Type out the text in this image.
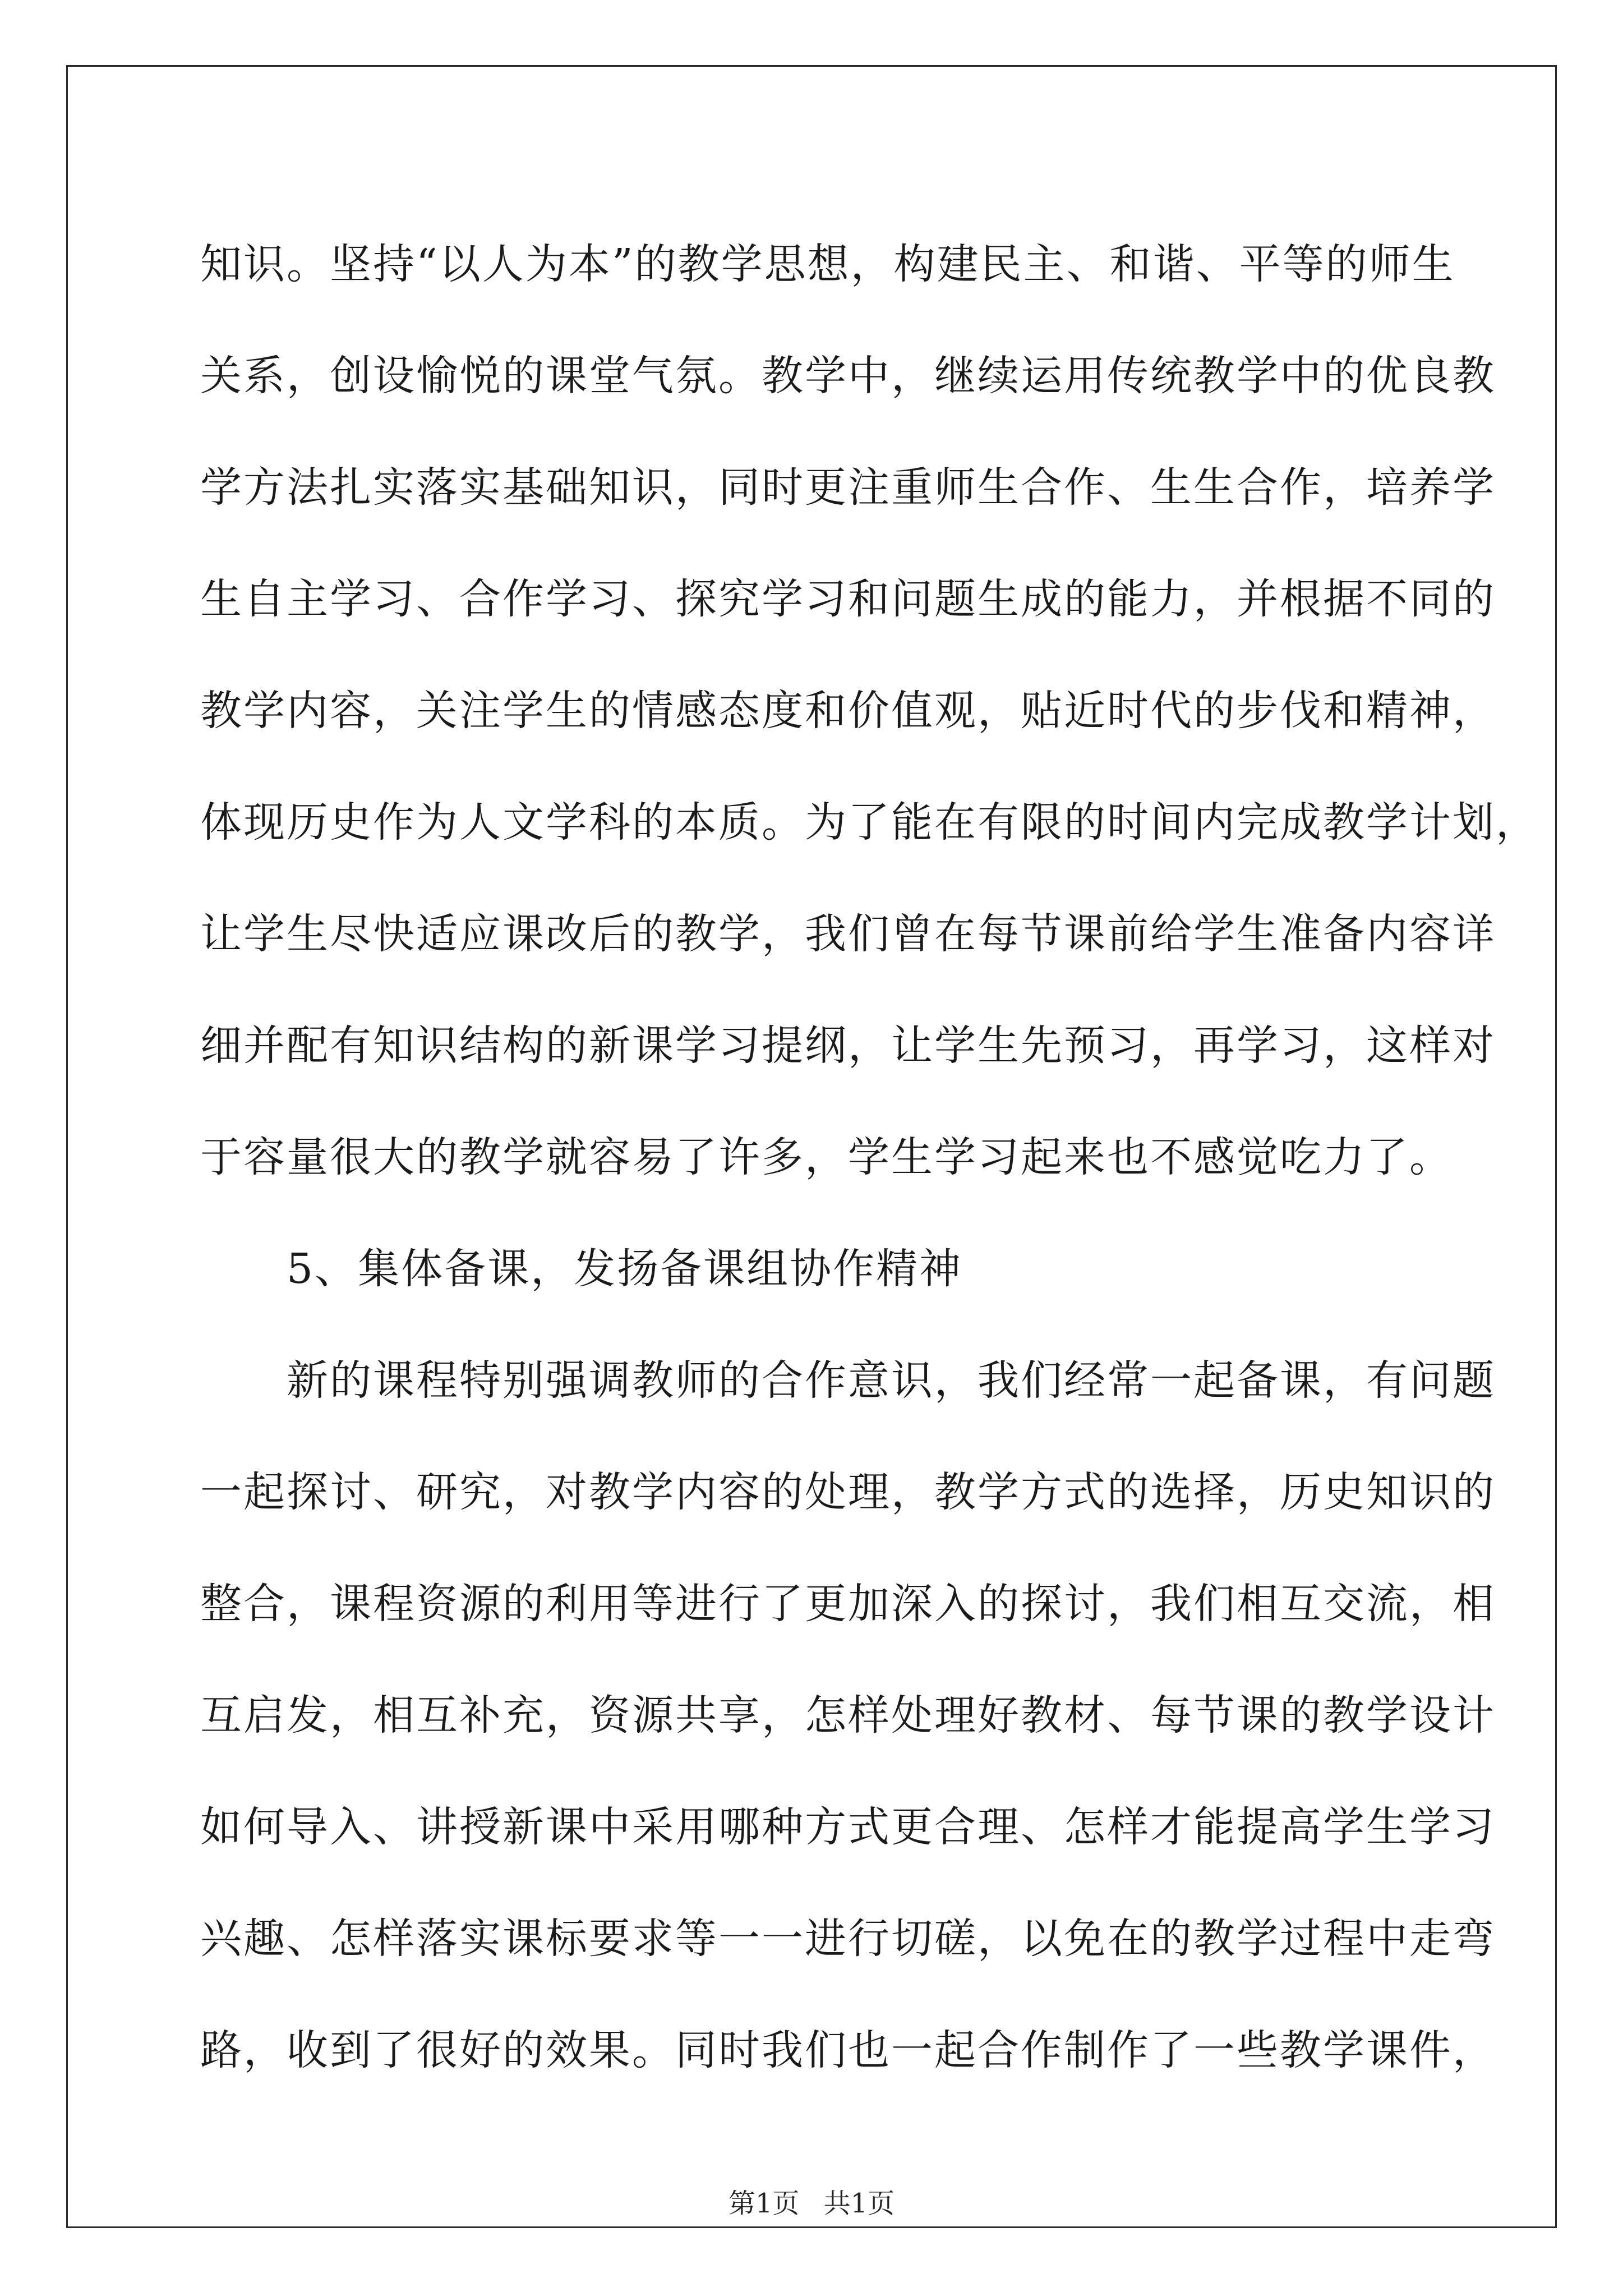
知识。坚持“以人为本”的教学思想，构建民主、和谐、平等的师生
关系，创设愉悦的课堂气氛。教学中，继续运用传统教学中的优良教
学方法扎实落实基础知识，同时更注重师生合作、生生合作，培养学
生自主学习、合作学习、探究学习和问题生成的能力，并根据不同的
教学内容，关注学生的情感态度和价值观，贴近时代的步伐和精神，
体现历史作为人文学科的本质。为了能在有限的时间内完成教学计划，
让学生尽快适应课改后的教学，我们曾在每节课前给学生准备内容详
细并配有知识结构的新课学习提纲，让学生先预习，再学习，这样对
于容量很大的教学就容易了许多，学生学习起来也不感觉吃力了。
　　5、集体备课，发扬备课组协作精神
　　新的课程特别强调教师的合作意识，我们经常一起备课，有问题
一起探讨、研究，对教学内容的处理，教学方式的选择，历史知识的
整合，课程资源的利用等进行了更加深入的探讨，我们相互交流，相
互启发，相互补充，资源共享，怎样处理好教材、每节课的教学设计
如何导入、讲授新课中采用哪种方式更合理、怎样才能提高学生学习
兴趣、怎样落实课标要求等一一进行切磋，以免在的教学过程中走弯
路，收到了很好的效果。同时我们也一起合作制作了一些教学课件，
第1页 共1页
